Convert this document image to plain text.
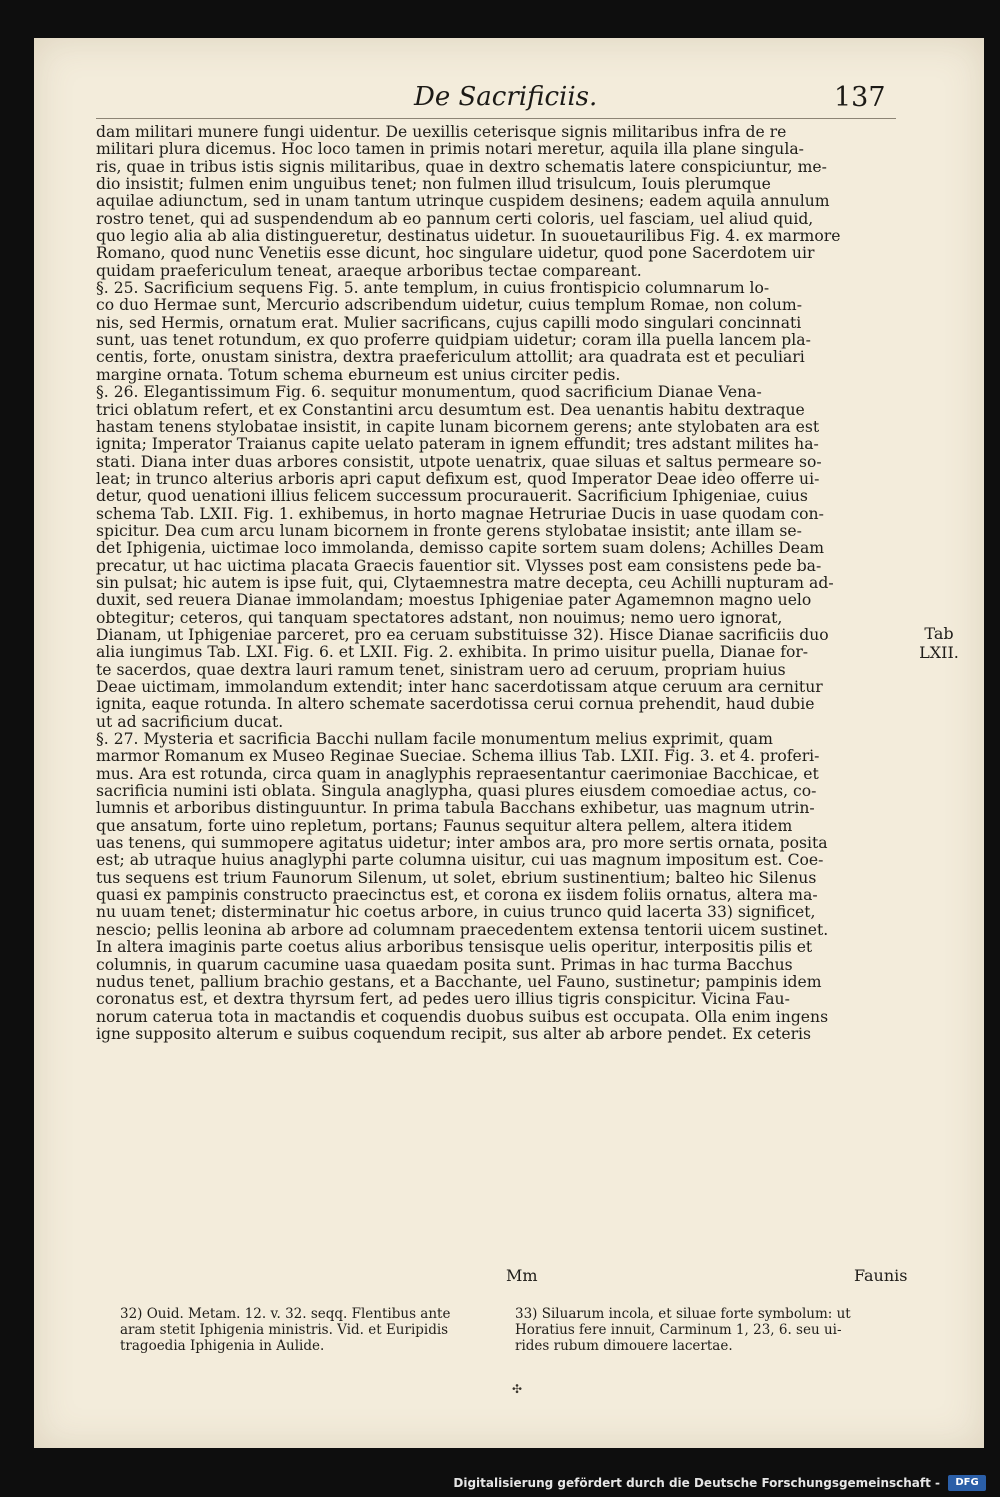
De Sacrificiis.	137
dam militari munere fungi uidentur. De uexillis ceterisque signis militaribus infra de re
militari plura dicemus. Hoc loco tamen in primis notari meretur, aquila illa plane singula-
ris, quae in tribus istis signis militaribus, quae in dextro schematis latere conspiciuntur, me-
dio insistit; fulmen enim unguibus tenet; non fulmen illud trisulcum, Iouis plerumque
aquilae adiunctum, sed in unam tantum utrinque cuspidem desinens; eadem aquila annulum
rostro tenet, qui ad suspendendum ab eo pannum certi coloris, uel fasciam, uel aliud quid,
quo legio alia ab alia distingueretur, destinatus uidetur. In suouetaurilibus Fig. 4. ex marmore
Romano, quod nunc Venetiis esse dicunt, hoc singulare uidetur, quod pone Sacerdotem uir
quidam praefericulum teneat, araeque arboribus tectae compareant.
§. 25. Sacrificium sequens Fig. 5. ante templum, in cuius frontispicio columnarum lo-
co duo Hermae sunt, Mercurio adscribendum uidetur, cuius templum Romae, non colum-
nis, sed Hermis, ornatum erat. Mulier sacrificans, cujus capilli modo singulari concinnati
sunt, uas tenet rotundum, ex quo proferre quidpiam uidetur; coram illa puella lancem pla-
centis, forte, onustam sinistra, dextra praefericulum attollit; ara quadrata est et peculiari
margine ornata. Totum schema eburneum est unius circiter pedis.
§. 26. Elegantissimum Fig. 6. sequitur monumentum, quod sacrificium Dianae Vena-
trici oblatum refert, et ex Constantini arcu desumtum est. Dea uenantis habitu dextraque
hastam tenens stylobatae insistit, in capite lunam bicornem gerens; ante stylobaten ara est
ignita; Imperator Traianus capite uelato pateram in ignem effundit; tres adstant milites ha-
stati. Diana inter duas arbores consistit, utpote uenatrix, quae siluas et saltus permeare so-
leat; in trunco alterius arboris apri caput defixum est, quod Imperator Deae ideo offerre ui-
detur, quod uenationi illius felicem successum procurauerit. Sacrificium Iphigeniae, cuius
schema Tab. LXII. Fig. 1. exhibemus, in horto magnae Hetruriae Ducis in uase quodam con-
spicitur. Dea cum arcu lunam bicornem in fronte gerens stylobatae insistit; ante illam se-
det Iphigenia, uictimae loco immolanda, demisso capite sortem suam dolens; Achilles Deam
precatur, ut hac uictima placata Graecis fauentior sit. Vlysses post eam consistens pede ba-
sin pulsat; hic autem is ipse fuit, qui, Clytaemnestra matre decepta, ceu Achilli nupturam ad-
duxit, sed reuera Dianae immolandam; moestus Iphigeniae pater Agamemnon magno uelo
obtegitur; ceteros, qui tanquam spectatores adstant, non nouimus; nemo uero ignorat,
Dianam, ut Iphigeniae parceret, pro ea ceruam substituisse 32). Hisce Dianae sacrificiis duo
alia iungimus Tab. LXI. Fig. 6. et LXII. Fig. 2. exhibita. In primo uisitur puella, Dianae for-
te sacerdos, quae dextra lauri ramum tenet, sinistram uero ad ceruum, propriam huius
Deae uictimam, immolandum extendit; inter hanc sacerdotissam atque ceruum ara cernitur
ignita, eaque rotunda. In altero schemate sacerdotissa cerui cornua prehendit, haud dubie
ut ad sacrificium ducat.
§. 27. Mysteria et sacrificia Bacchi nullam facile monumentum melius exprimit, quam
marmor Romanum ex Museo Reginae Sueciae. Schema illius Tab. LXII. Fig. 3. et 4. proferi-
mus. Ara est rotunda, circa quam in anaglyphis repraesentantur caerimoniae Bacchicae, et
sacrificia numini isti oblata. Singula anaglypha, quasi plures eiusdem comoediae actus, co-
lumnis et arboribus distinguuntur. In prima tabula Bacchans exhibetur, uas magnum utrin-
que ansatum, forte uino repletum, portans; Faunus sequitur altera pellem, altera itidem
uas tenens, qui summopere agitatus uidetur; inter ambos ara, pro more sertis ornata, posita
est; ab utraque huius anaglyphi parte columna uisitur, cui uas magnum impositum est. Coe-
tus sequens est trium Faunorum Silenum, ut solet, ebrium sustinentium; balteo hic Silenus
quasi ex pampinis constructo praecinctus est, et corona ex iisdem foliis ornatus, altera ma-
nu uuam tenet; disterminatur hic coetus arbore, in cuius trunco quid lacerta 33) significet,
nescio; pellis leonina ab arbore ad columnam praecedentem extensa tentorii uicem sustinet.
In altera imaginis parte coetus alius arboribus tensisque uelis operitur, interpositis pilis et
columnis, in quarum cacumine uasa quaedam posita sunt. Primas in hac turma Bacchus
nudus tenet, pallium brachio gestans, et a Bacchante, uel Fauno, sustinetur; pampinis idem
coronatus est, et dextra thyrsum fert, ad pedes uero illius tigris conspicitur. Vicina Fau-
norum caterua tota in mactandis et coquendis duobus suibus est occupata. Olla enim ingens
igne supposito alterum e suibus coquendum recipit, sus alter ab arbore pendet. Ex ceteris
Tab
LXII.
Mm	Faunis
32) Ouid. Metam. 12. v. 32. seqq. Flentibus ante
aram stetit Iphigenia ministris. Vid. et Euripidis
tragoedia Iphigenia in Aulide.
33) Siluarum incola, et siluae forte symbolum: ut
Horatius fere innuit, Carminum 1, 23, 6. seu ui-
rides rubum dimouere lacertae.
✣
Digitalisierung gefördert durch die Deutsche Forschungsgemeinschaft -	DFG
